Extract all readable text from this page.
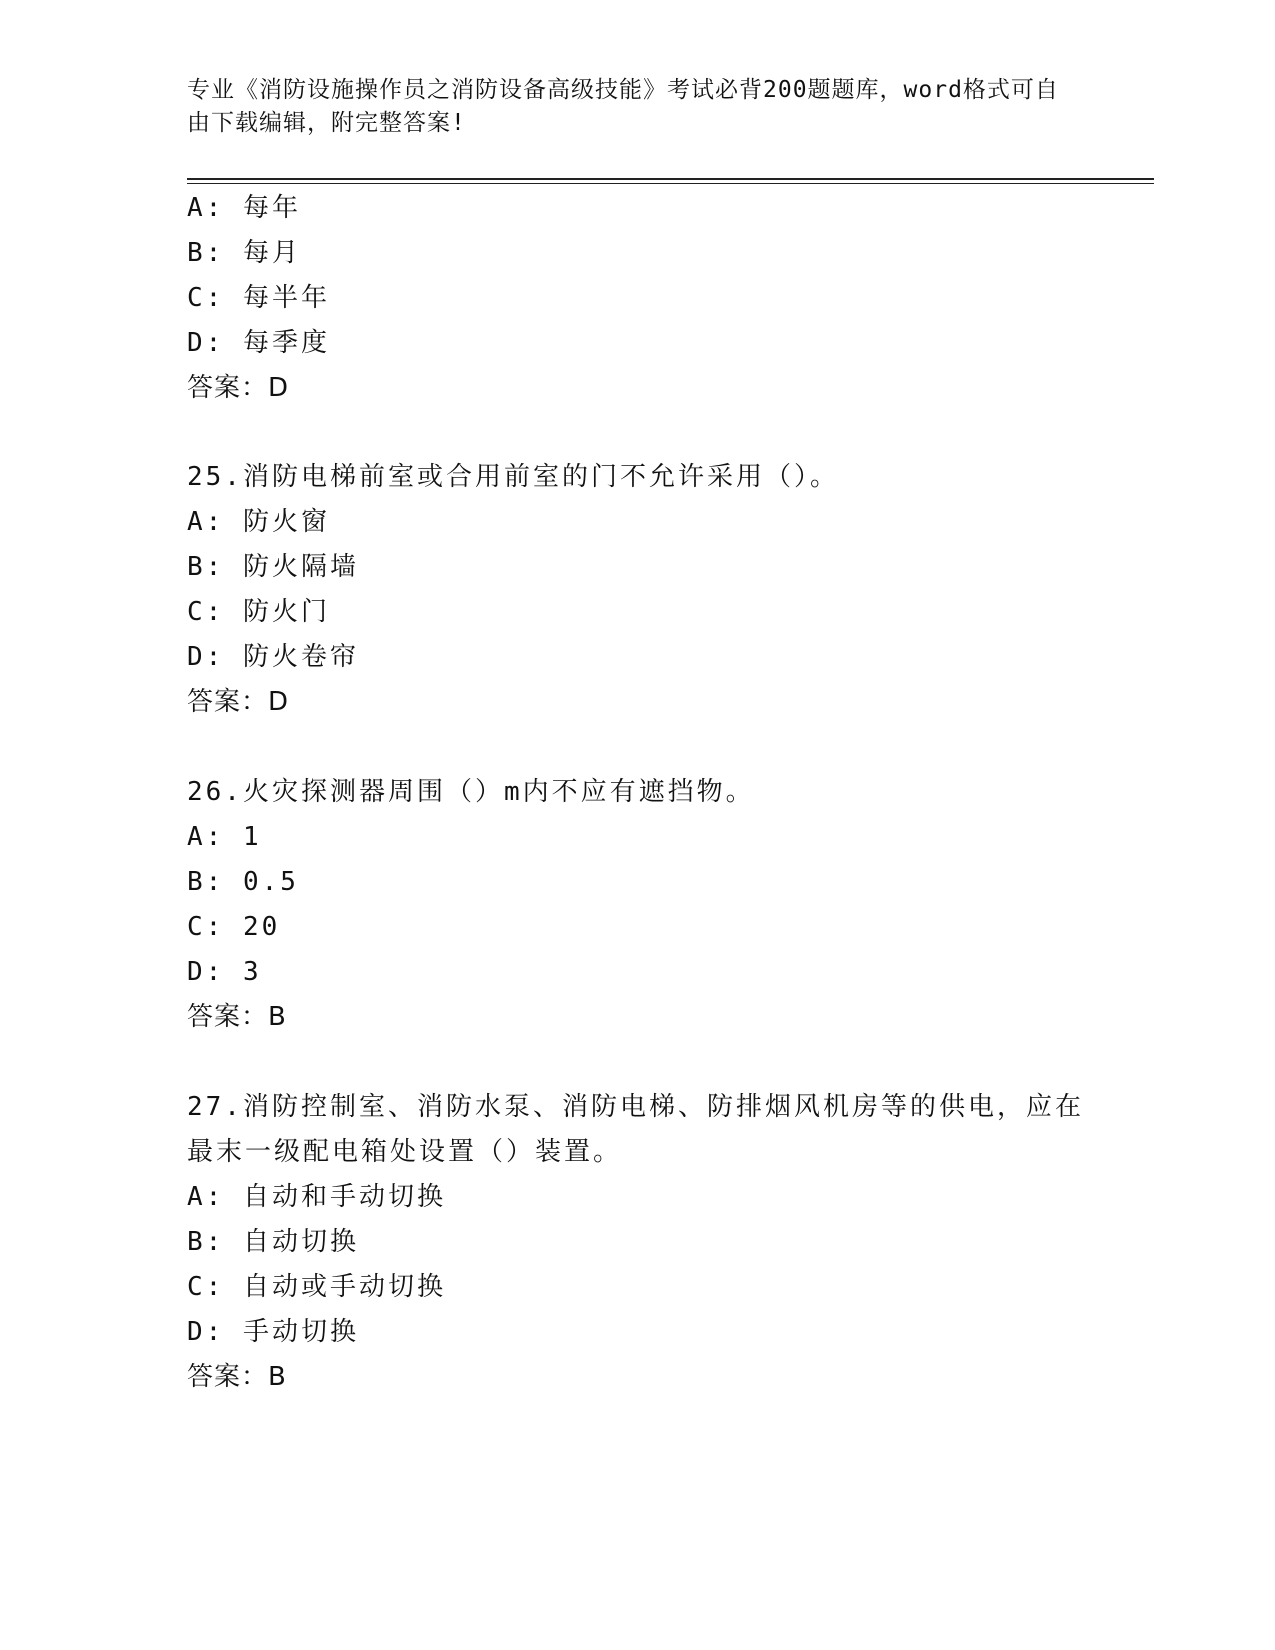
专业《消防设施操作员之消防设备高级技能》考试必背200题题库，word格式可自由下载编辑，附完整答案!
A: 每年
B: 每月
C: 每半年
D: 每季度
答案：D
25.消防电梯前室或合用前室的门不允许采用（）。
A: 防火窗
B: 防火隔墙
C: 防火门
D: 防火卷帘
答案：D
26.火灾探测器周围（）m内不应有遮挡物。
A: 1
B: 0.5
C: 20
D: 3
答案：B
27.消防控制室、消防水泵、消防电梯、防排烟风机房等的供电，应在最末一级配电箱处设置（）装置。
A: 自动和手动切换
B: 自动切换
C: 自动或手动切换
D: 手动切换
答案：B
